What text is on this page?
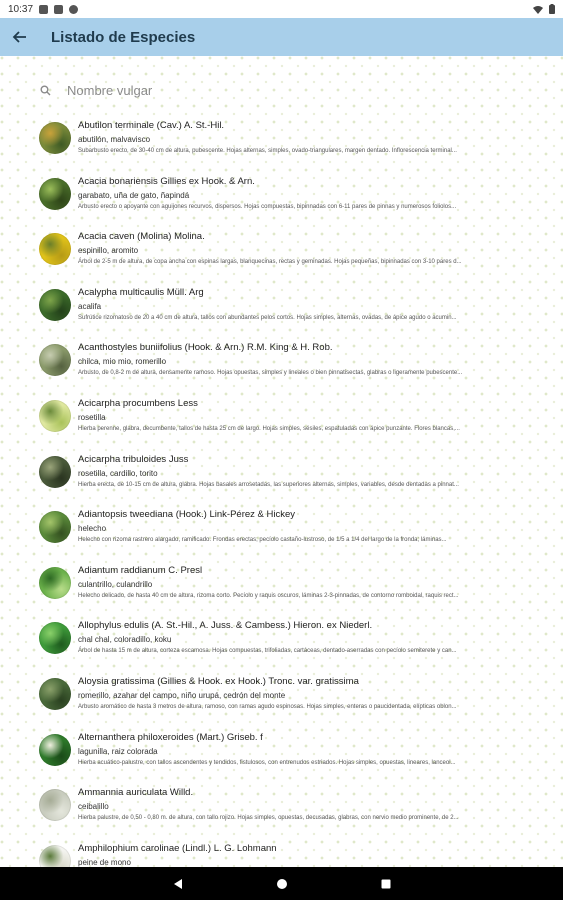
10:37
Listado de Especies
Nombre vulgar
Abutilon terminale (Cav.) A. St.-Hil.
abutilón, malvavisco
Subarbusto erecto, de 30-40 cm de altura, pubescente. Hojas alternas, simples, ovado-triangulares, margen dentado. Inflorescencia terminal...
Acacia bonariensis Gillies ex Hook. & Arn.
garabato, uña de gato, ñapindá
Arbusto erecto o apoyante con aguijones recurvos, dispersos. Hojas compuestas, bipinnadas con 6-11 pares de pinnas y numerosos foliolos...
Acacia caven (Molina) Molina.
espinillo, aromito
Árbol de 2-5 m de altura, de copa ancha con espinas largas, blanquecinas, rectas y geminadas. Hojas pequeñas, bipinnadas con 3-10 pares d...
Acalypha multicaulis Müll. Arg
acalifa
Sufrútice rizomatoso de 20 a 40 cm de altura, tallos con abundantes pelos cortos. Hojas simples, alternas, ovadas, de ápice agudo o acumin...
Acanthostyles buniifolius (Hook. & Arn.) R.M. King & H. Rob.
chilca, mio mio, romerillo
Arbusto, de 0,8-2 m de altura, densamente ramoso. Hojas opuestas, simples y lineales o bien pinnatisectas, glabras o ligeramente pubescente...
Acicarpha procumbens Less
rosetilla
Hierba perenne, glabra, decumbente, tallos de hasta 25 cm de largo. Hojas simples, sésiles, espatuladas con ápice punzante. Flores blancas,...
Acicarpha tribuloides Juss
rosetilla, cardillo, torito
Hierba erecta, de 10-15 cm de altura, glabra. Hojas basales arrosetadas, las superiores alternas, simples, variables, desde dentadas a pinnat...
Adiantopsis tweediana (Hook.) Link-Pérez & Hickey
helecho
Helecho con rizoma rastrero alargado, ramificado. Frondas erectas; pecíolo castaño-lustroso, de 1/5 a 1/4 del largo de la fronda; láminas...
Adiantum raddianum C. Presl
culantrillo, culandrillo
Helecho delicado, de hasta 40 cm de altura, rizoma corto. Pecíolo y raquis oscuros, láminas 2-3-pinnadas, de contorno romboidal, raquis rect...
Allophylus edulis (A. St.-Hil., A. Juss. & Cambess.) Hieron. ex Niederl.
chal chal, coloradillo, koku
Árbol de hasta 15 m de altura, corteza escamosa. Hojas compuestas, trifoliadas, cartáceas, dentado-aserradas con pecíolo semiterete y can...
Aloysia gratissima (Gillies & Hook. ex Hook.) Tronc. var. gratissima
romerillo, azahar del campo, niño urupá, cedrón del monte
Arbusto aromático de hasta 3 metros de altura, ramoso, con ramas agudo espinosas. Hojas simples, enteras o paucidentada, elípticas oblon...
Alternanthera philoxeroides (Mart.) Griseb. f
lagunilla, raiz colorada
Hierba acuático-palustre, con tallos ascendentes y tendidos, fistulosos, con entrenudos estriados. Hojas simples, opuestas, lineares, lanceol...
Ammannia auriculata Willd.
ceibalillo
Hierba palustre, de 0,50 - 0,80 m. de altura, con tallo rojizo. Hojas simples, opuestas, decusadas, glabras, con nervio medio prominente, de 2...
Amphilophium carolinae (Lindl.) L. G. Lohmann
peine de mono
